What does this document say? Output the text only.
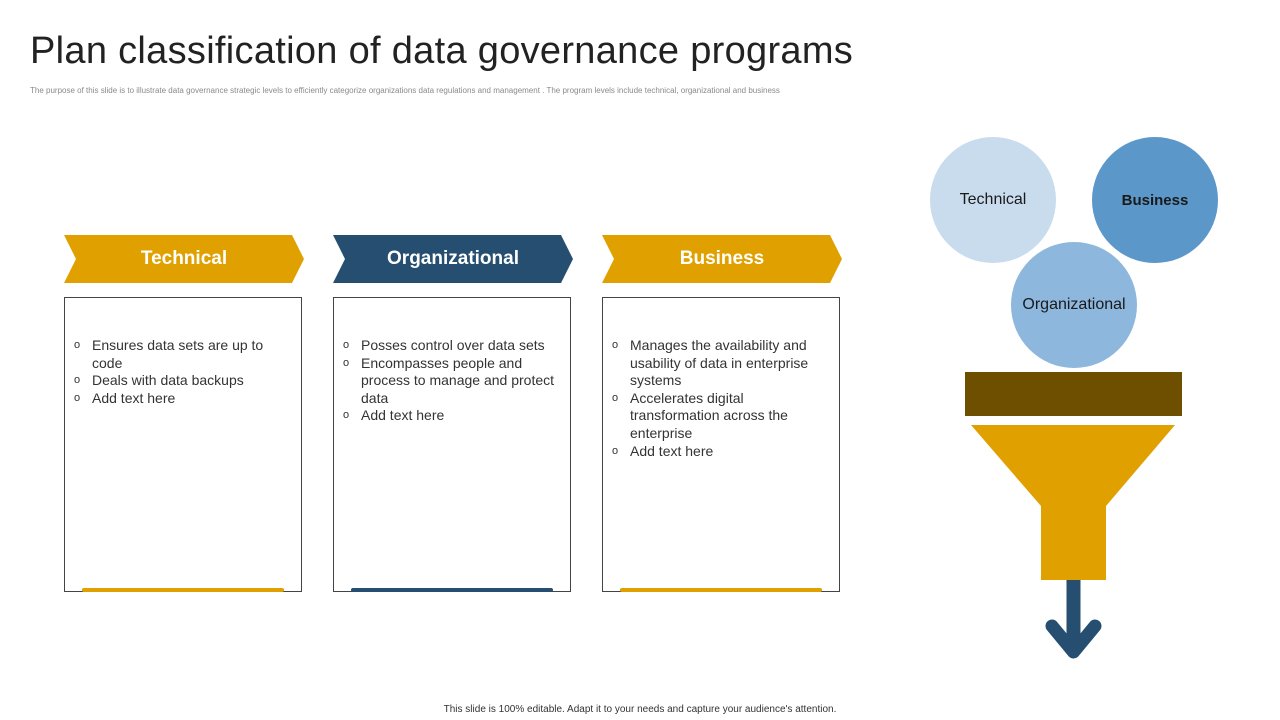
Plan classification of data governance programs
The purpose of this slide is to illustrate data governance strategic levels to efficiently categorize organizations data regulations and management . The program levels include technical, organizational and business
Technical
o Ensures data sets are up to code
o Deals with data backups
o Add text here
Organizational
o Posses control over data sets
o Encompasses people and process to manage and protect data
o Add text here
Business
o Manages the availability and usability of data in enterprise systems
o Accelerates digital transformation across the enterprise
o Add text here
Technical	Business
Organizational
This slide is 100% editable. Adapt it to your needs and capture your audience's attention.
